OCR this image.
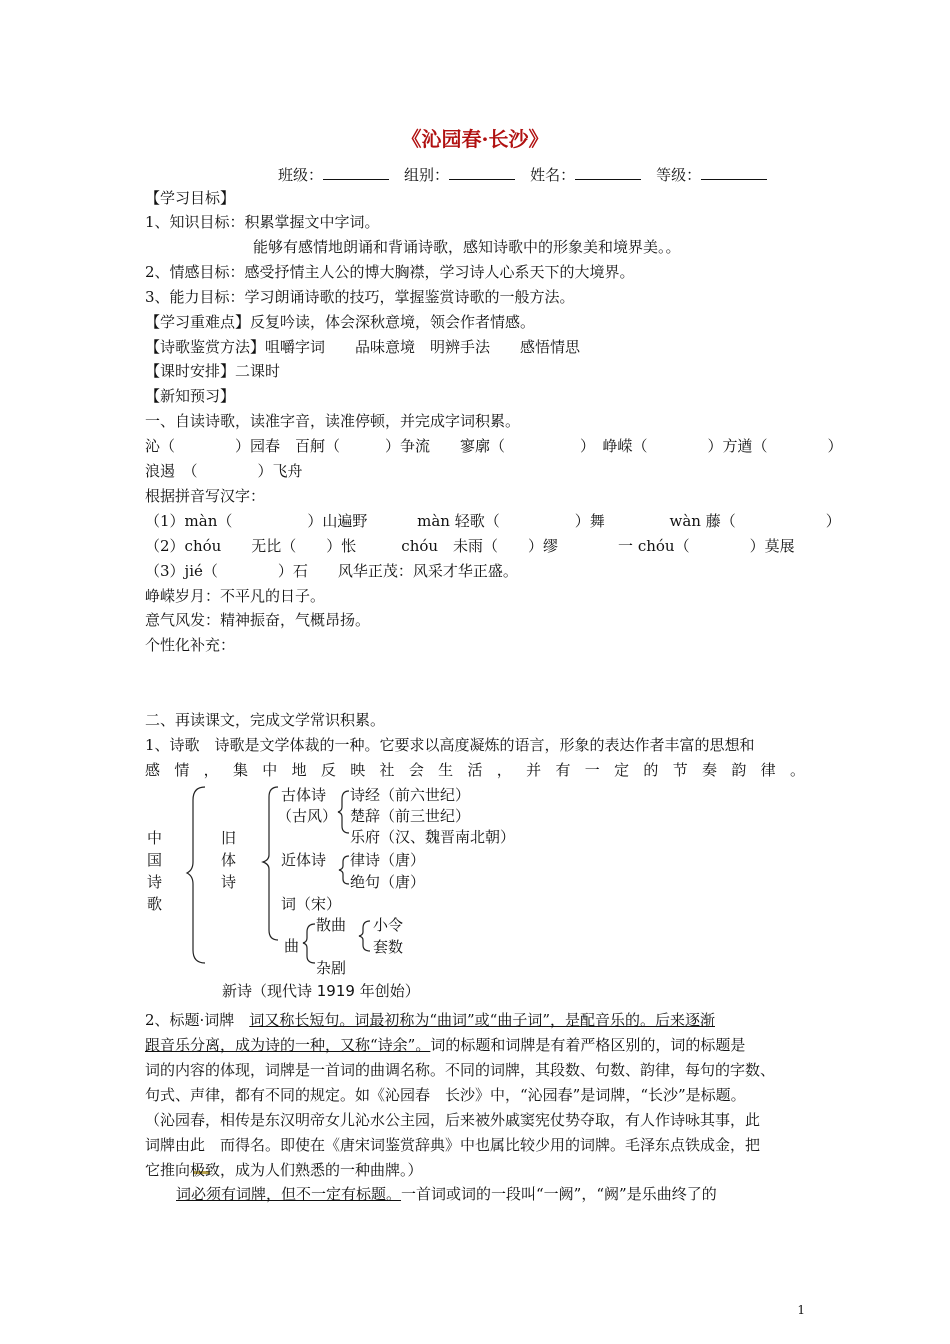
《沁园春·长沙》
班级：　	组别：　	姓名：　	等级：
【学习目标】
1、知识目标：积累掌握文中字词。
能够有感情地朗诵和背诵诗歌，感知诗歌中的形象美和境界美。。
2、情感目标：感受抒情主人公的博大胸襟，学习诗人心系天下的大境界。
3、能力目标：学习朗诵诗歌的技巧，掌握鉴赏诗歌的一般方法。
【学习重难点】反复吟读，体会深秋意境，领会作者情感。
【诗歌鉴赏方法】咀嚼字词　　品味意境　明辨手法　　感悟情思
【课时安排】二课时
【新知预习】
一、自读诗歌，读准字音，读准停顿，并完成字词积累。
沁（　　　　）园春　百舸（　　　）争流　　寥廓（　　　　　）　峥嵘（　　　　）方遒（　　　　）
浪遏　（　　　　）飞舟
根据拼音写汉字：
（1）màn（　　　　　）山遍野　　　 màn 轻歌（　　　　　）舞　　　　 wàn 藤（　　　　　　）
（2）chóu　　无比（　　）怅　　　chóu　未雨（　　）缪　　　　一 chóu（　　　　）莫展
（3）jié（　　　　）石　　风华正茂：风采才华正盛。
峥嵘岁月：不平凡的日子。
意气风发：精神振奋，气概昂扬。
个性化补充：
二、再读课文，完成文学常识积累。
1、诗歌　诗歌是文学体裁的一种。它要求以高度凝炼的语言，形象的表达作者丰富的思想和
感情，集中地反映社会生活，并有一定的节奏韵律。
中
国
诗
歌
旧
体
诗
古体诗
（古风）
诗经（前六世纪）
楚辞（前三世纪）
乐府（汉、魏晋南北朝）
近体诗 律诗（唐）
绝句（唐）
词（宋）
曲
散曲 小令
套数
杂剧
新诗（现代诗 1919 年创始）
2、标题·词牌　词又称长短句。词最初称为“曲词”或“曲子词”，是配音乐的。后来逐渐
跟音乐分离，成为诗的一种，又称“诗余”。词的标题和词牌是有着严格区别的，词的标题是
词的内容的体现，词牌是一首词的曲调名称。不同的词牌，其段数、句数、韵律，每句的字数、
句式、声律，都有不同的规定。如《沁园春　长沙》中，“沁园春”是词牌，“长沙”是标题。
（沁园春，相传是东汉明帝女儿沁水公主园，后来被外戚窦宪仗势夺取，有人作诗咏其事，此
词牌由此　而得名。即使在《唐宋词鉴赏辞典》中也属比较少用的词牌。毛泽东点铁成金，把
它推向极致，成为人们熟悉的一种曲牌。）
词必须有词牌，但不一定有标题。一首词或词的一段叫“一阙”，“阙”是乐曲终了的
1
